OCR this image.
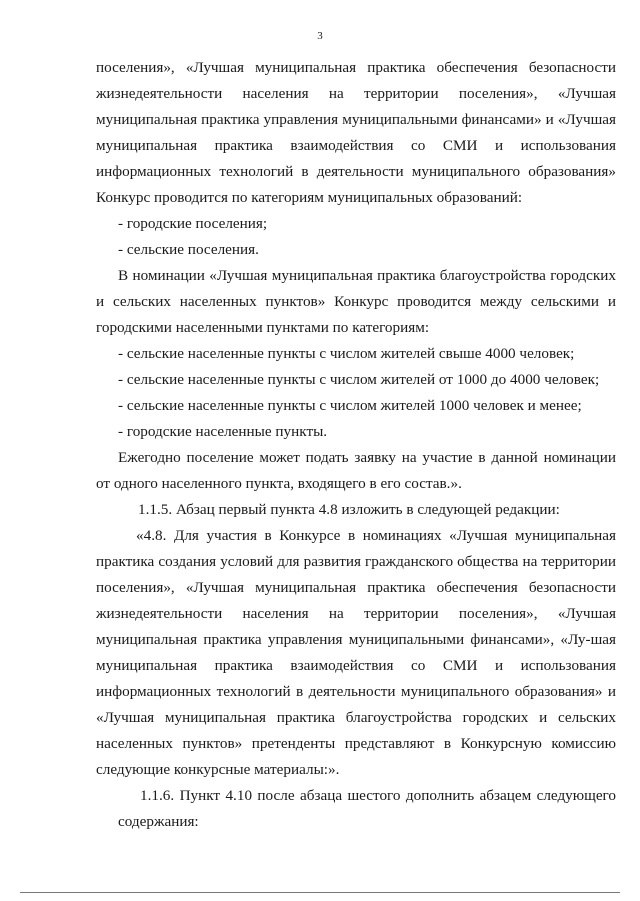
3
поселения», «Лучшая муниципальная практика обеспечения безопасности
жизнедеятельности населения на территории поселения», «Лучшая
муниципальная практика управления муниципальными финансами» и «Лучшая
муниципальная практика взаимодействия со СМИ и использования
информационных технологий в деятельности муниципального образования»
Конкурс проводится по категориям муниципальных образований:
- городские поселения;
- сельские поселения.
В номинации «Лучшая муниципальная практика благоустройства городских
и сельских населенных пунктов» Конкурс проводится между сельскими и
городскими населенными пунктами по категориям:
- сельские населенные пункты с числом жителей свыше 4000 человек;
- сельские населенные пункты с числом жителей от 1000 до 4000 человек;
- сельские населенные пункты с числом жителей 1000 человек и менее;
- городские населенные пункты.
Ежегодно поселение может подать заявку на участие в данной номинации
от одного населенного пункта, входящего в его состав.».
1.1.5. Абзац первый пункта 4.8 изложить в следующей редакции:
«4.8. Для участия в Конкурсе в номинациях «Лучшая муниципальная
практика создания условий для развития гражданского общества на территории
поселения», «Лучшая муниципальная практика обеспечения безопасности
жизнедеятельности населения на территории поселения», «Лучшая
муниципальная практика управления муниципальными финансами», «Лу-шая
муниципальная практика взаимодействия со СМИ и использования
информационных технологий в деятельности муниципального образования» и
«Лучшая муниципальная практика благоустройства городских и сельских
населенных пунктов» претенденты представляют в Конкурсную комиссию
следующие конкурсные материалы:».
1.1.6. Пункт 4.10 после абзаца шестого дополнить абзацем следующего
содержания:
